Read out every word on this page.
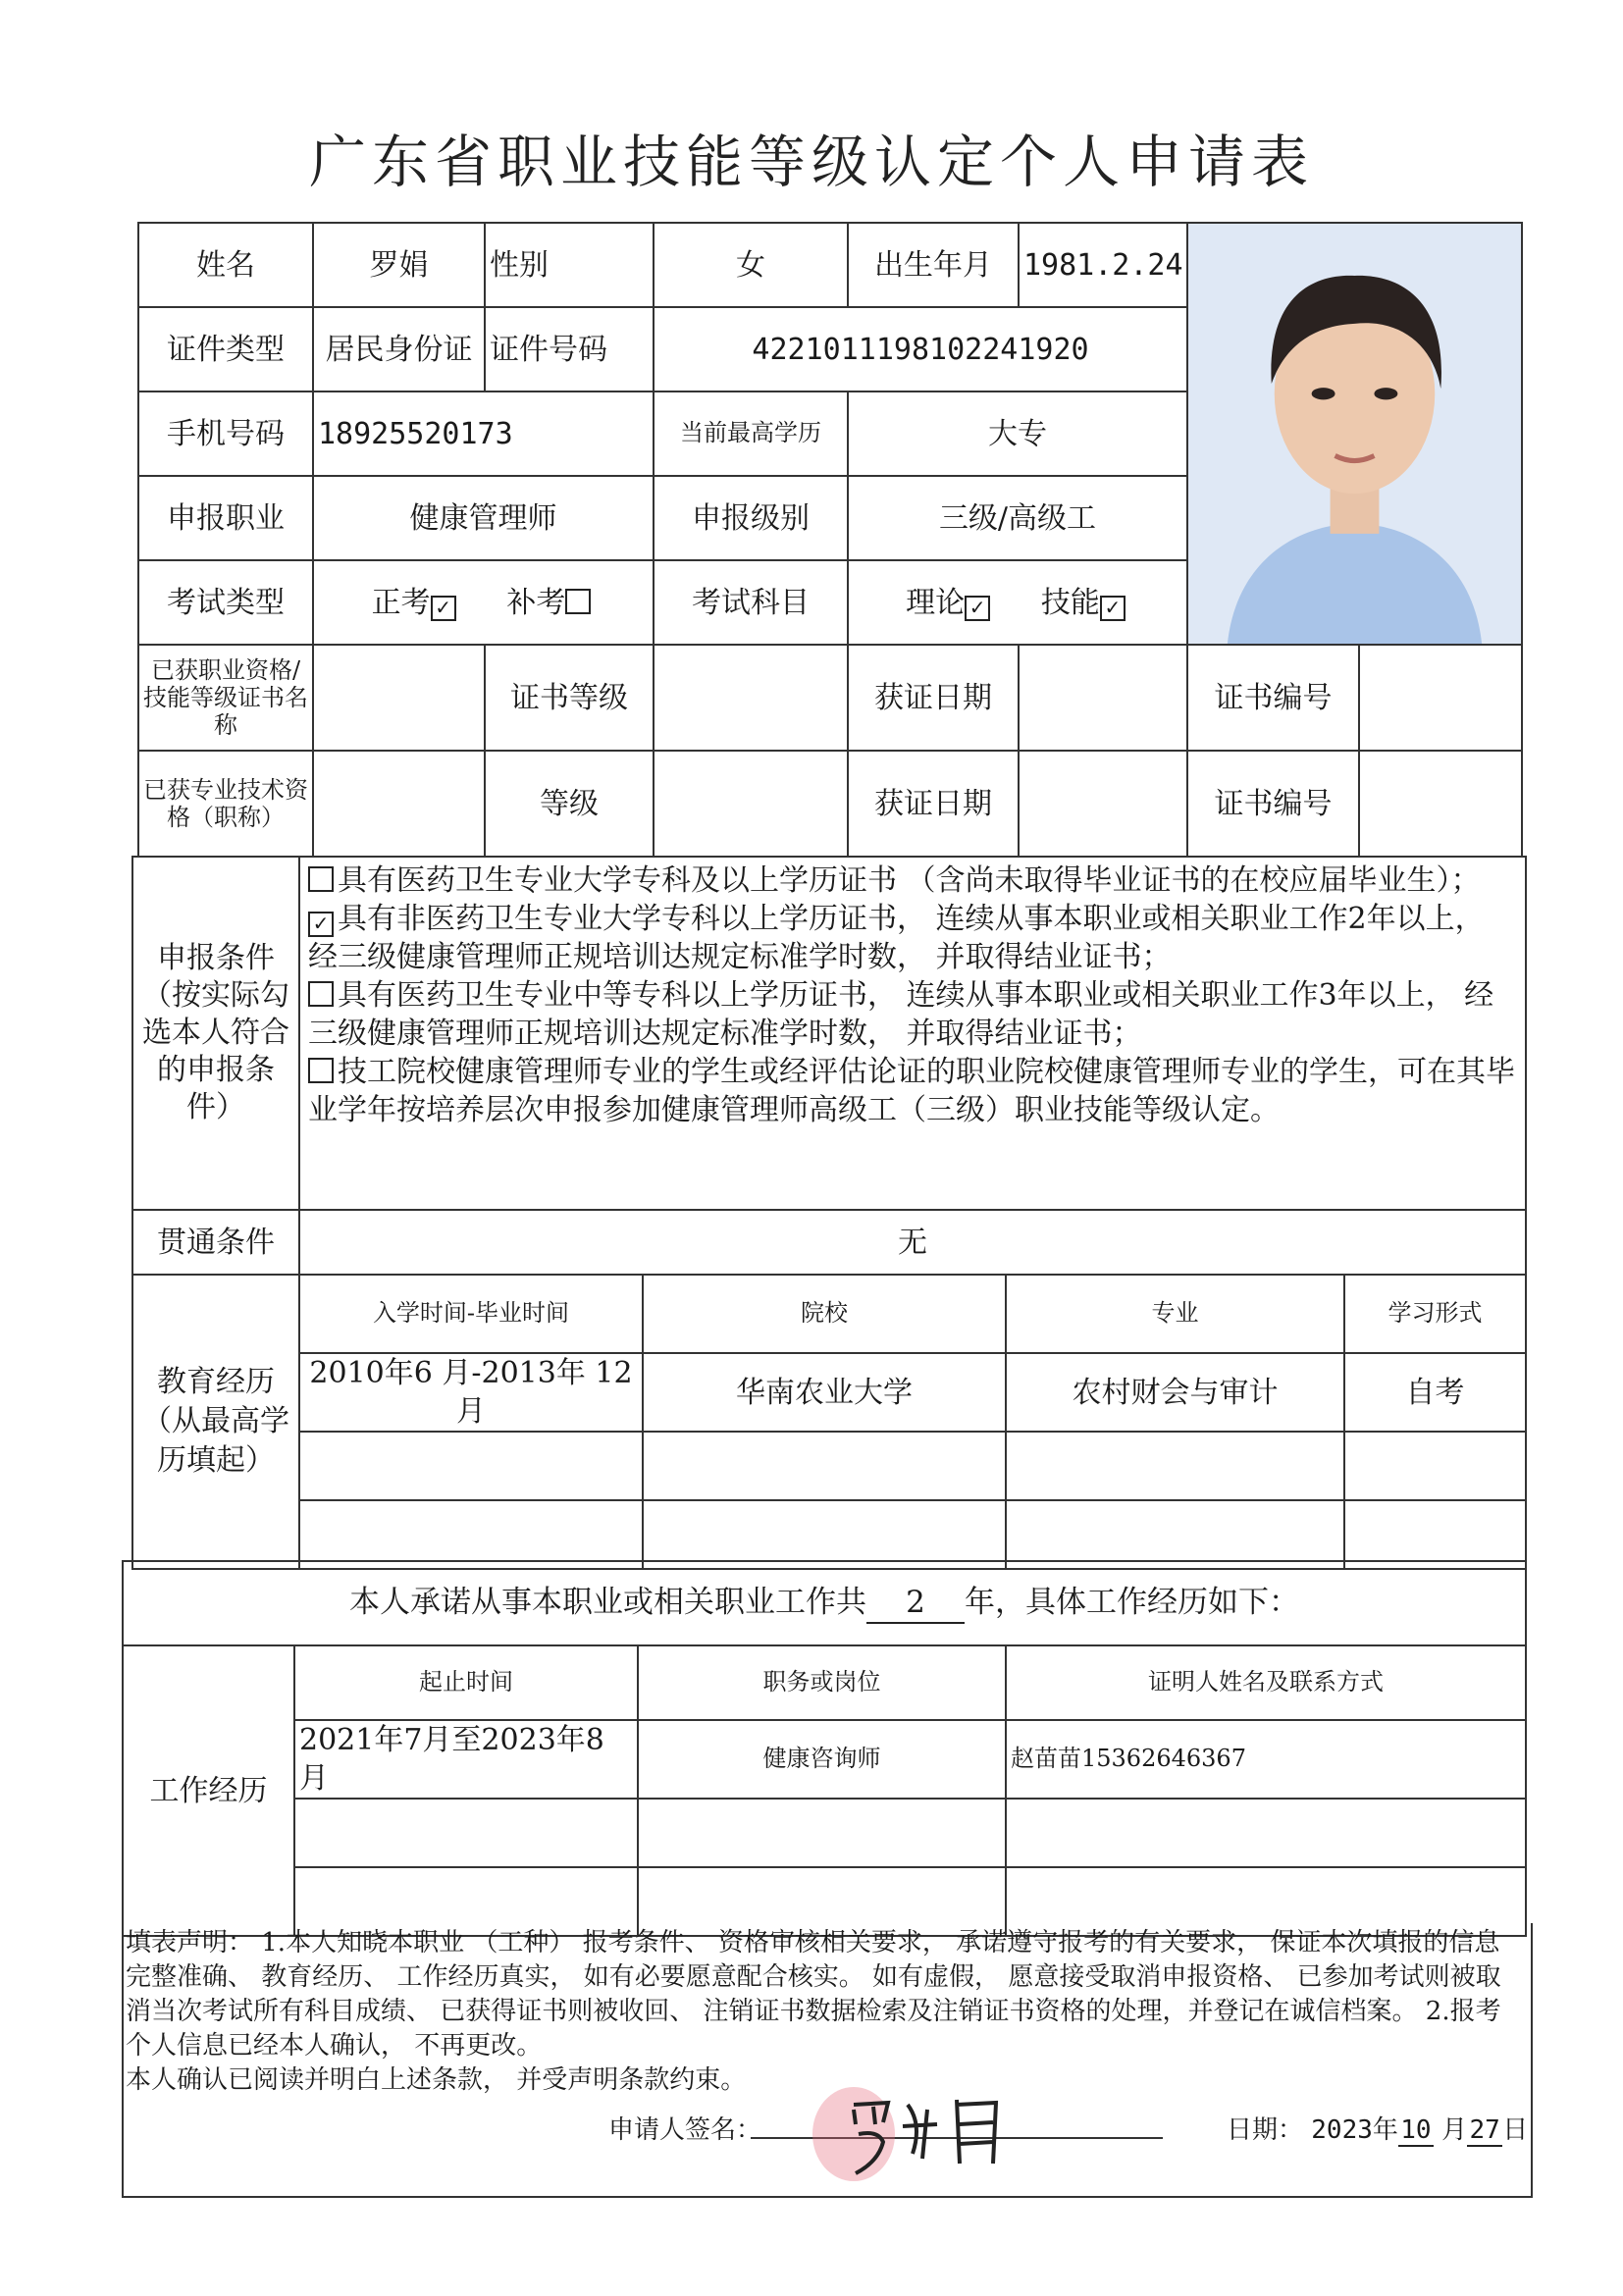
广东省职业技能等级认定个人申请表
姓名	罗娟	性别	女	出生年月	1981.2.24	

证件类型	居民身份证	证件号码	4221011198102241920			
手机号码	18925520173		当前最高学历	大专		
申报职业	健康管理师		申报级别	三级/高级工		
考试类型	正考 ✓ 补考		考试科目	理论 ✓ 技能 ✓		
已获职业资格/技能等级证书名称		证书等级		获证日期		证书编号	
已获专业技术资格（职称）		等级		获证日期		证书编号	
申报条件（按实际勾选本人符合的申报条件）	具有医药卫生专业大学专科及以上学历证书 （含尚未取得毕业证书的在校应届毕业生）；

✓ 具有非医药卫生专业大学专科以上学历证书， 连续从事本职业或相关职业工作2年以上， 经三级健康管理师正规培训达规定标准学时数， 并取得结业证书；

具有医药卫生专业中等专科以上学历证书， 连续从事本职业或相关职业工作3年以上， 经三级健康管理师正规培训达规定标准学时数， 并取得结业证书；

技工院校健康管理师专业的学生或经评估论证的职业院校健康管理师专业的学生，可在其毕业学年按培养层次申报参加健康管理师高级工（三级）职业技能等级认定。

贯通条件	无
教育经历（从最高学历填起）	入学时间-毕业时间	院校	专业	学习形式
	2010年6 月-2013年 12月	华南农业大学	农村财会与审计	自考

本人承诺从事本职业或相关职业工作共 2 年，具体工作经历如下：			
工作经历	起止时间	职务或岗位	证明人姓名及联系方式
	2021年7月至2023年8月	健康咨询师	赵苗苗15362646367

填表声明： 1.本人知晓本职业 （工种） 报考条件、 资格审核相关要求， 承诺遵守报考的有关要求， 保证本次填报的信息完整准确、 教育经历、 工作经历真实， 如有必要愿意配合核实。 如有虚假， 愿意接受取消申报资格、 已参加考试则被取消当次考试所有科目成绩、 已获得证书则被收回、 注销证书数据检索及注销证书资格的处理，并登记在诚信档案。 2.报考个人信息已经本人确认， 不再更改。

本人确认已阅读并明白上述条款， 并受声明条款约束。

申请人签名：	日期： 2023年10 月27日
